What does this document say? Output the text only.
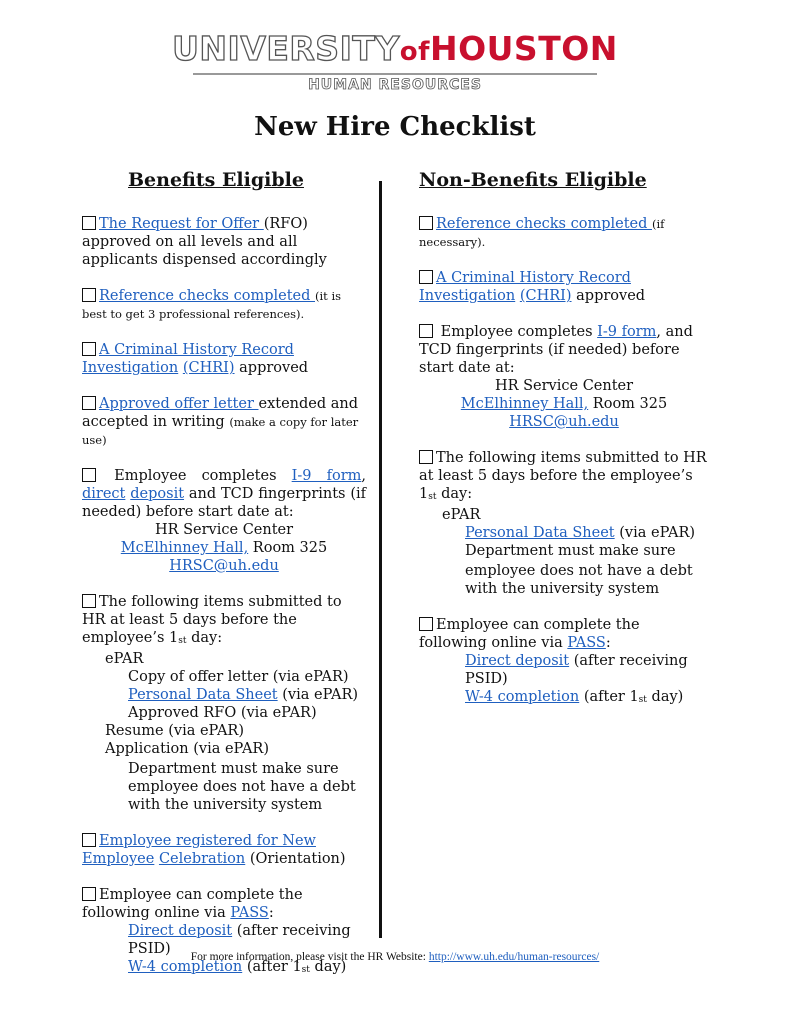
UNIVERSITYofHOUSTON
HUMAN RESOURCES
New Hire Checklist
Benefits Eligible	Non-Benefits Eligible
The Request for Offer (RFO) approved on all levels and all applicants dispensed accordingly
Reference checks completed (it is best to get 3 professional references).
A Criminal History Record Investigation (CHRI) approved
Approved offer letter extended and accepted in writing (make a copy for later use)
Employee completes I-9 form, direct deposit and TCD fingerprints (if needed) before start date at:
HR Service Center
McElhinney Hall, Room 325
HRSC@uh.edu
The following items submitted to HR at least 5 days before the employee’s $1_{st}$ day:
ePAR
Copy of offer letter (via ePAR)
Personal Data Sheet (via ePAR)
Approved RFO (via ePAR)
Resume (via ePAR)
Application (via ePAR)
Department must make sure employee does not have a debt with the university system
Employee registered for New Employee Celebration (Orientation)
Employee can complete the following online via PASS:
Direct deposit (after receiving PSID)
W-4 completion (after $1_{st}$ day)
Reference checks completed (if necessary).
A Criminal History Record Investigation (CHRI) approved
Employee completes I-9 form, and TCD fingerprints (if needed) before start date at:
HR Service Center
McElhinney Hall, Room 325
HRSC@uh.edu
The following items submitted to HR at least 5 days before the employee’s $1_{st}$ day:
ePAR
Personal Data Sheet (via ePAR)
Department must make sure
employee does not have a debt with the university system
Employee can complete the following online via PASS:
Direct deposit (after receiving PSID)
W-4 completion (after $1_{st}$ day)
For more information, please visit the HR Website: http://www.uh.edu/human-resources/
